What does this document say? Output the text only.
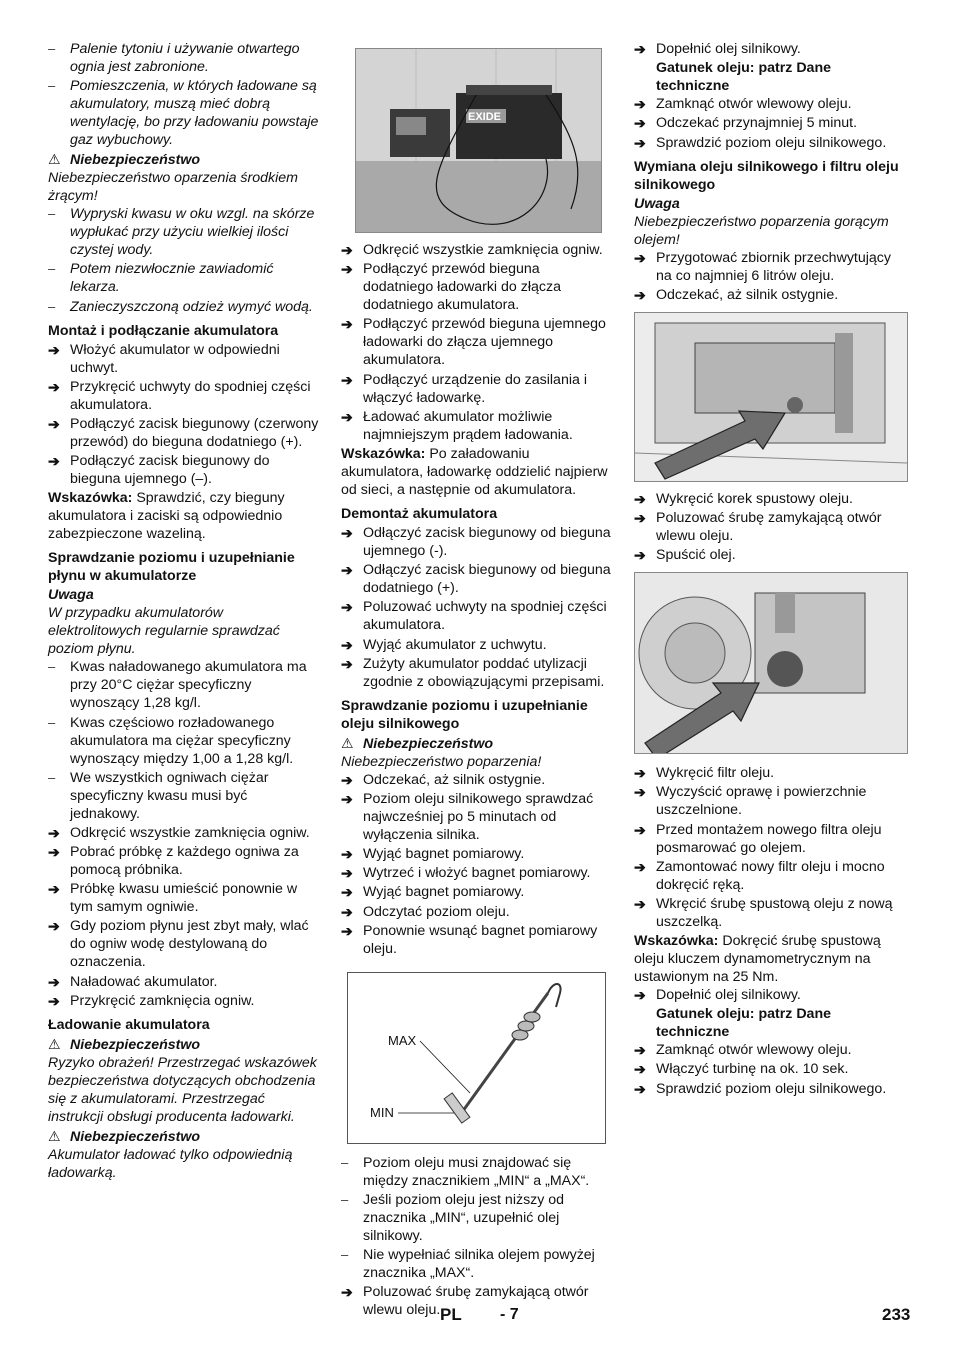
–	Palenie tytoniu i używanie otwartego ognia jest zabronione.
–	Pomieszczenia, w których ładowane są akumulatory, muszą mieć dobrą wentylację, bo przy ładowaniu powstaje gaz wybuchowy.
⚠ Niebezpieczeństwo
Niebezpieczeństwo oparzenia środkiem żrącym!
–	Wypryski kwasu w oku wzgl. na skórze wypłukać przy użyciu wielkiej ilości czystej wody.
–	Potem niezwłocznie zawiadomić lekarza.
–	Zanieczyszczoną odzież wymyć wodą.
Montaż i podłączanie akumulatora
➔ Włożyć akumulator w odpowiedni uchwyt.
➔ Przykręcić uchwyty do spodniej części akumulatora.
➔ Podłączyć zacisk biegunowy (czerwony przewód) do bieguna dodatniego (+).
➔ Podłączyć zacisk biegunowy do bieguna ujemnego (–).
Wskazówka: Sprawdzić, czy bieguny akumulatora i zaciski są odpowiednio zabezpieczone wazeliną.
Sprawdzanie poziomu i uzupełnianie płynu w akumulatorze
Uwaga
W przypadku akumulatorów elektrolitowych regularnie sprawdzać poziom płynu.
–	Kwas naładowanego akumulatora ma przy 20°C ciężar specyficzny wynoszący 1,28 kg/l.
–	Kwas częściowo rozładowanego akumulatora ma ciężar specyficzny wynoszący między 1,00 a 1,28 kg/l.
–	We wszystkich ogniwach ciężar specyficzny kwasu musi być jednakowy.
➔ Odkręcić wszystkie zamknięcia ogniw.
➔ Pobrać próbkę z każdego ogniwa za pomocą próbnika.
➔ Próbkę kwasu umieścić ponownie w tym samym ogniwie.
➔ Gdy poziom płynu jest zbyt mały, wlać do ogniw wodę destylowaną do oznaczenia.
➔ Naładować akumulator.
➔ Przykręcić zamknięcia ogniw.
Ładowanie akumulatora
⚠ Niebezpieczeństwo
Ryzyko obrażeń! Przestrzegać wskazówek bezpieczeństwa dotyczących obchodzenia się z akumulatorami. Przestrzegać instrukcji obsługi producenta ładowarki.
⚠ Niebezpieczeństwo
Akumulator ładować tylko odpowiednią ładowarką.
EXIDE
➔ Odkręcić wszystkie zamknięcia ogniw.
➔ Podłączyć przewód bieguna dodatniego ładowarki do złącza dodatniego akumulatora.
➔ Podłączyć przewód bieguna ujemnego ładowarki do złącza ujemnego akumulatora.
➔ Podłączyć urządzenie do zasilania i włączyć ładowarkę.
➔ Ładować akumulator możliwie najmniejszym prądem ładowania.
Wskazówka: Po załadowaniu akumulatora, ładowarkę oddzielić najpierw od sieci, a następnie od akumulatora.
Demontaż akumulatora
➔ Odłączyć zacisk biegunowy od bieguna ujemnego (-).
➔ Odłączyć zacisk biegunowy od bieguna dodatniego (+).
➔ Poluzować uchwyty na spodniej części akumulatora.
➔ Wyjąć akumulator z uchwytu.
➔ Zużyty akumulator poddać utylizacji zgodnie z obowiązującymi przepisami.
Sprawdzanie poziomu i uzupełnianie oleju silnikowego
⚠ Niebezpieczeństwo
Niebezpieczeństwo poparzenia!
➔ Odczekać, aż silnik ostygnie.
➔ Poziom oleju silnikowego sprawdzać najwcześniej po 5 minutach od wyłączenia silnika.
➔ Wyjąć bagnet pomiarowy.
➔ Wytrzeć i włożyć bagnet pomiarowy.
➔ Wyjąć bagnet pomiarowy.
➔ Odczytać poziom oleju.
➔ Ponownie wsunąć bagnet pomiarowy oleju.
MAX
MIN
–	Poziom oleju musi znajdować się między znacznikiem „MIN“ a „MAX“.
–	Jeśli poziom oleju jest niższy od znacznika „MIN“, uzupełnić olej silnikowy.
–	Nie wypełniać silnika olejem powyżej znacznika „MAX“.
➔ Poluzować śrubę zamykającą otwór wlewu oleju.
➔ Dopełnić olej silnikowy.
Gatunek oleju: patrz Dane techniczne
➔ Zamknąć otwór wlewowy oleju.
➔ Odczekać przynajmniej 5 minut.
➔ Sprawdzić poziom oleju silnikowego.
Wymiana oleju silnikowego i filtru oleju silnikowego
Uwaga
Niebezpieczeństwo poparzenia gorącym olejem!
➔ Przygotować zbiornik przechwytujący na co najmniej 6 litrów oleju.
➔ Odczekać, aż silnik ostygnie.
➔ Wykręcić korek spustowy oleju.
➔ Poluzować śrubę zamykającą otwór wlewu oleju.
➔ Spuścić olej.
➔ Wykręcić filtr oleju.
➔ Wyczyścić oprawę i powierzchnie uszczelnione.
➔ Przed montażem nowego filtra oleju posmarować go olejem.
➔ Zamontować nowy filtr oleju i mocno dokręcić ręką.
➔ Wkręcić śrubę spustową oleju z nową uszczelką.
Wskazówka: Dokręcić śrubę spustową oleju kluczem dynamometrycznym na ustawionym na 25 Nm.
➔ Dopełnić olej silnikowy.
Gatunek oleju: patrz Dane techniczne
➔ Zamknąć otwór wlewowy oleju.
➔ Włączyć turbinę na ok. 10 sek.
➔ Sprawdzić poziom oleju silnikowego.
PL - 7	233
